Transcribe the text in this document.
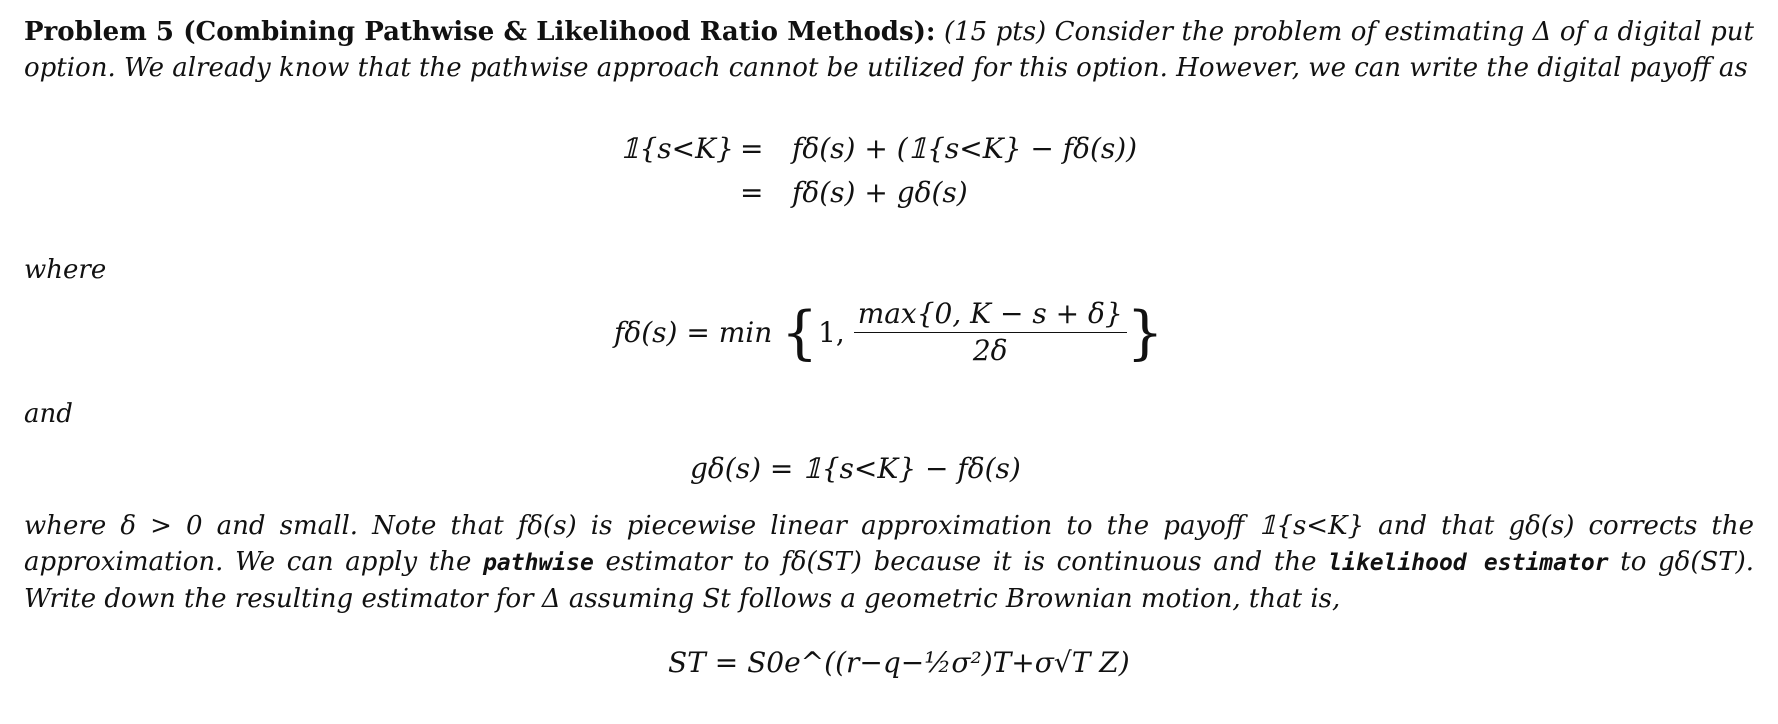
Problem 5 (Combining Pathwise & Likelihood Ratio Methods): (15 pts) Consider the problem of estimating Δ of a digital put option. We already know that the pathwise approach cannot be utilized for this option. However, we can write the digital payoff as
𝟙{s<K} = fδ(s) + (𝟙{s<K} − fδ(s))
= fδ(s) + gδ(s)
where
fδ(s) = min {1, $\frac{\max\{0, K - s + \delta\}}{2\delta}$ }
and
gδ(s) = 𝟙{s<K} − fδ(s)
where δ > 0 and small. Note that fδ(s) is piecewise linear approximation to the payoff 𝟙{s<K} and that gδ(s) corrects the approximation. We can apply the pathwise estimator to fδ(ST) because it is continuous and the likelihood estimator to gδ(ST). Write down the resulting estimator for Δ assuming St follows a geometric Brownian motion, that is,
ST = S0e^((r−q−½σ²)T+σ√T Z)
